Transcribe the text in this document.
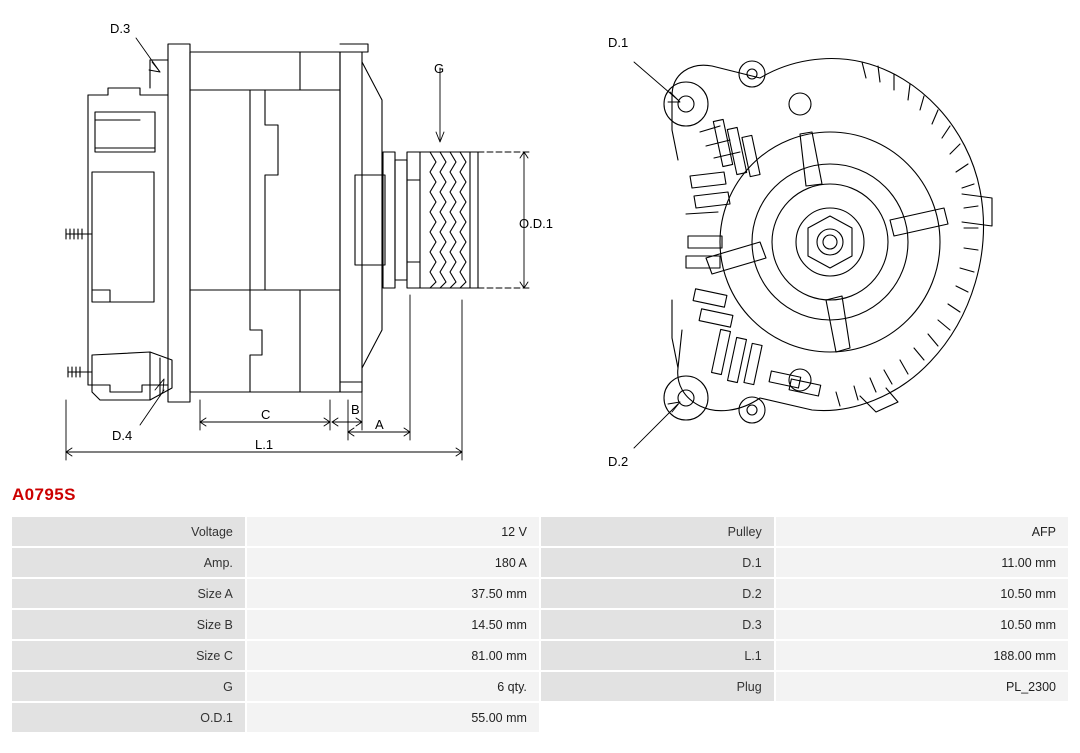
D.3
D.4
G
O.D.1
A
B
C
L.1
D.1
D.2
A0795S
Voltage	12 V	Pulley	AFP
Amp.	180 A	D.1	11.00 mm
Size A	37.50 mm	D.2	10.50 mm
Size B	14.50 mm	D.3	10.50 mm
Size C	81.00 mm	L.1	188.00 mm
G	6 qty.	Plug	PL_2300
O.D.1	55.00 mm		
